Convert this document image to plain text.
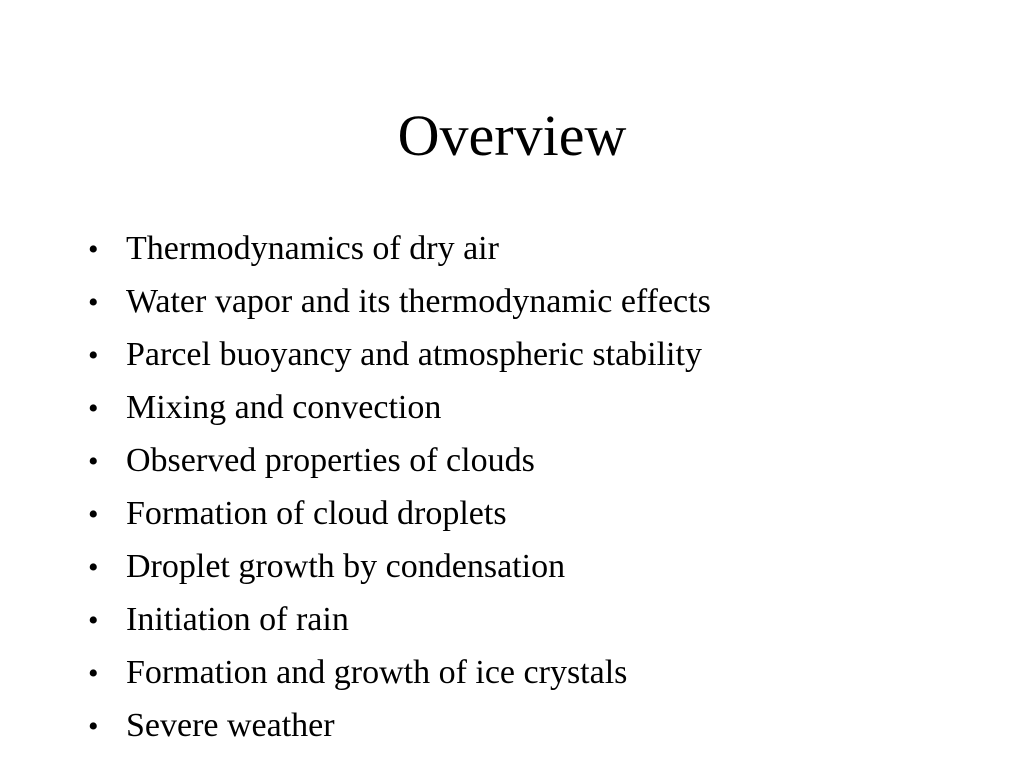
Overview
• Thermodynamics of dry air
• Water vapor and its thermodynamic effects
• Parcel buoyancy and atmospheric stability
• Mixing and convection
• Observed properties of clouds
• Formation of cloud droplets
• Droplet growth by condensation
• Initiation of rain
• Formation and growth of ice crystals
• Severe weather
